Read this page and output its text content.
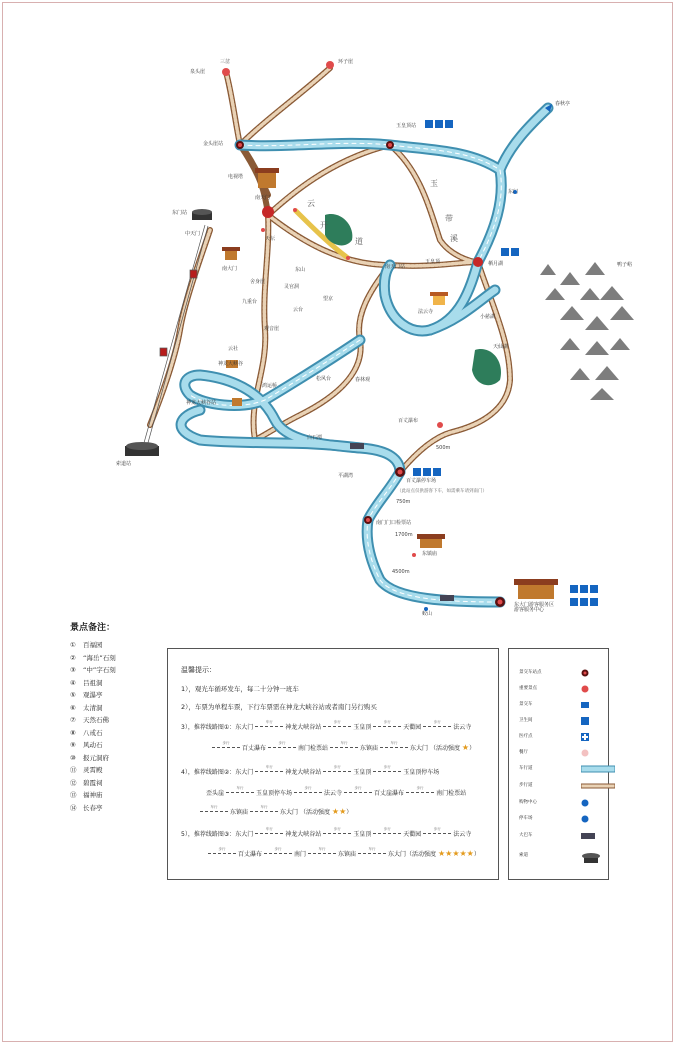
环子崖
三岔
泉头崖
金头崖站
电视塔
南天门
东门站
天坛
南大门
玉皇顶站
春秋亭
东门
栖月湖	鸭子峪
南天门站
云
开
道
玉
带
溪
望京
法云寺
小慈湖
观音崖
云社
神龙大峡谷
松风台
神龙大峡谷站
鸿运桥
白石潭
百丈瀑布
平湖湾
百丈瀑停车场
（此站点仅供游客下车，如需乘车请到南门）
750m
500m
南门门口检票站
1700m
东镇庙
4500m
蛟山
东大门游客服务区
游客服务中心
索道站
九重台
灵官洞
天仙湖
舍身崖
东山
中天门
玉皇顶
春林观
云台
景点备注：
① 百福园
② “海岳”石刻
③ “中”字石刻
④ 吕祖洞
⑤ 观瀑亭
⑥ 太清洞
⑦ 天然石佛
⑧ 八戒石
⑨ 风动石
⑩ 报元洞府
⑪ 灵霄殿
⑫ 碧霞祠
⑬ 福神庙
⑭ 长春亭
温馨提示：
1），观光车循环发车，每二十分钟一班车
2），车票为单程车票，下行车票需在神龙大峡谷站或者南门另行购买
3），推荐线路图①：东大门
车行
神龙大峡谷站
步行
玉皇顶
步行
天衢园
步行
法云寺
步行
百丈瀑布
步行
南门检票站
车行
东镇庙
车行
东大门 （活动强度 ★）
4），推荐线路图②：东大门
车行
神龙大峡谷站
步行
玉皇顶
步行
玉皇顶停车场
歪头崖
车行
玉皇顶停车场
步行
法云寺
步行
百丈崖瀑布
步行
南门检票站
车行
东镇庙
车行
东大门 （活动强度 ★★）
5），推荐线路图③：东大门
车行
神龙大峡谷站
步行
玉皇顶
步行
天衢园
步行
法云寺
步行
百丈瀑布
步行
南门
车行
东镇庙
车行
东大门（活动强度 ★★★★★）
景交车站点
重要景点
景交车
卫生间
医疗点
餐厅
车行道
步行道
购物中心
停车场
大巴车
索道
